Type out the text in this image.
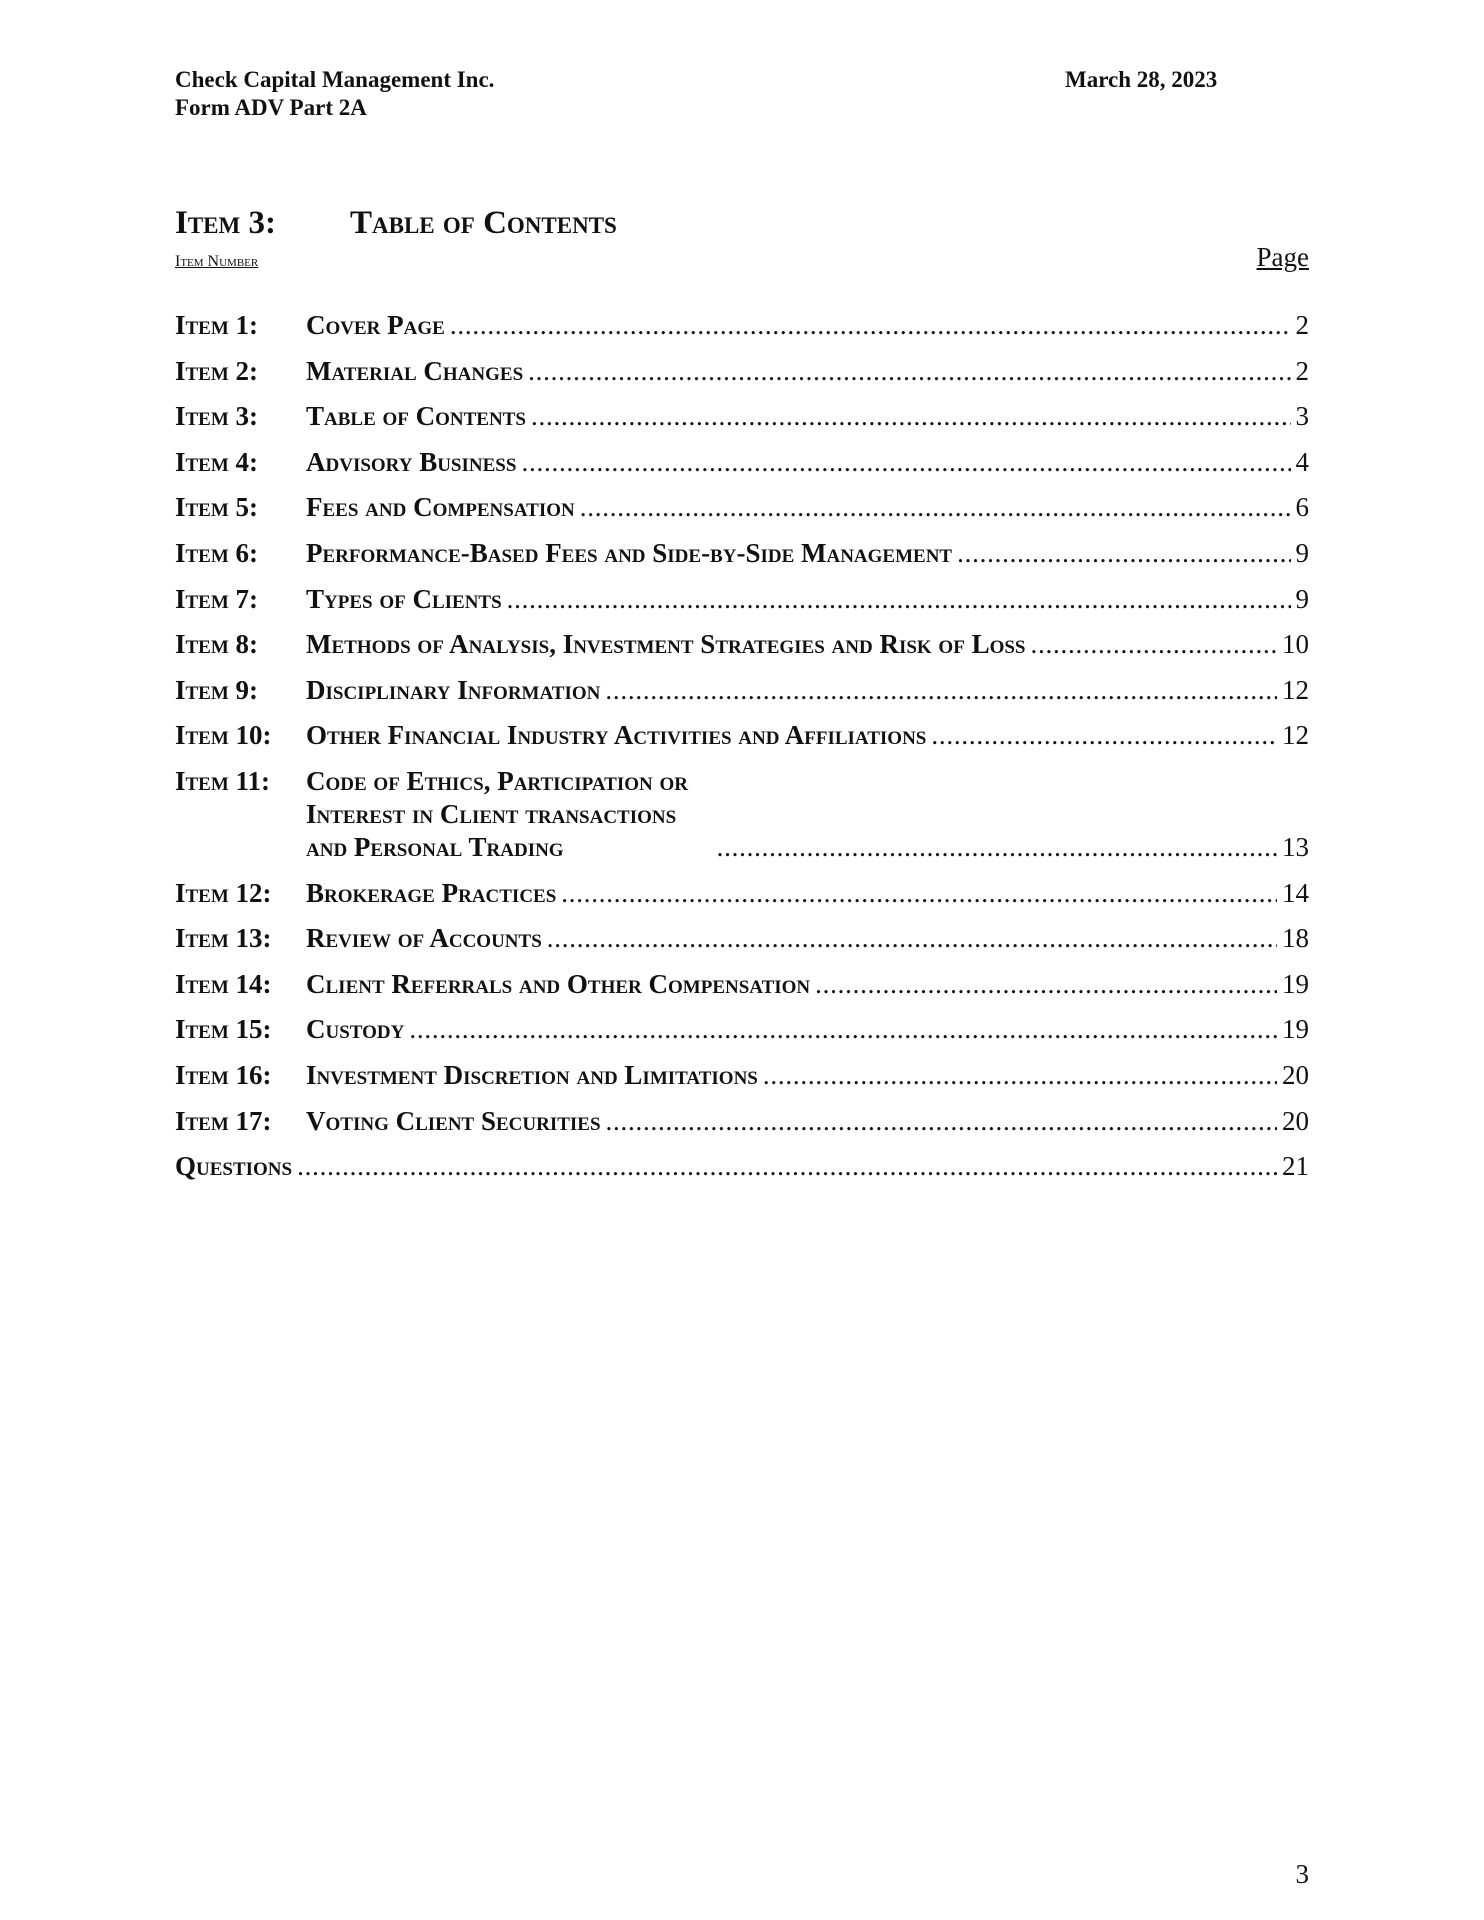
Check Capital Management Inc.
Form ADV Part 2A
March 28, 2023
Item 3:	Table of Contents
Item Number	Page
Item 1:	Cover Page . . .	2
Item 2:	Material Changes . . .	2
Item 3:	Table of Contents . . .	3
Item 4:	Advisory Business . . .	4
Item 5:	Fees and Compensation . . .	6
Item 6:	Performance-Based Fees and Side-by-Side Management . . .	9
Item 7:	Types of Clients . . .	9
Item 8:	Methods of Analysis, Investment Strategies and Risk of Loss . . .	10
Item 9:	Disciplinary Information . . .	12
Item 10:	Other Financial Industry Activities and Affiliations . . .	12
Item 11:	Code of Ethics, Participation or Interest in Client transactions and Personal Trading . . .	13
Item 12:	Brokerage Practices . . .	14
Item 13:	Review of Accounts . . .	18
Item 14:	Client Referrals and Other Compensation . . .	19
Item 15:	Custody . . .	19
Item 16:	Investment Discretion and Limitations . . .	20
Item 17:	Voting Client Securities . . .	20
Questions . . .	21
3
